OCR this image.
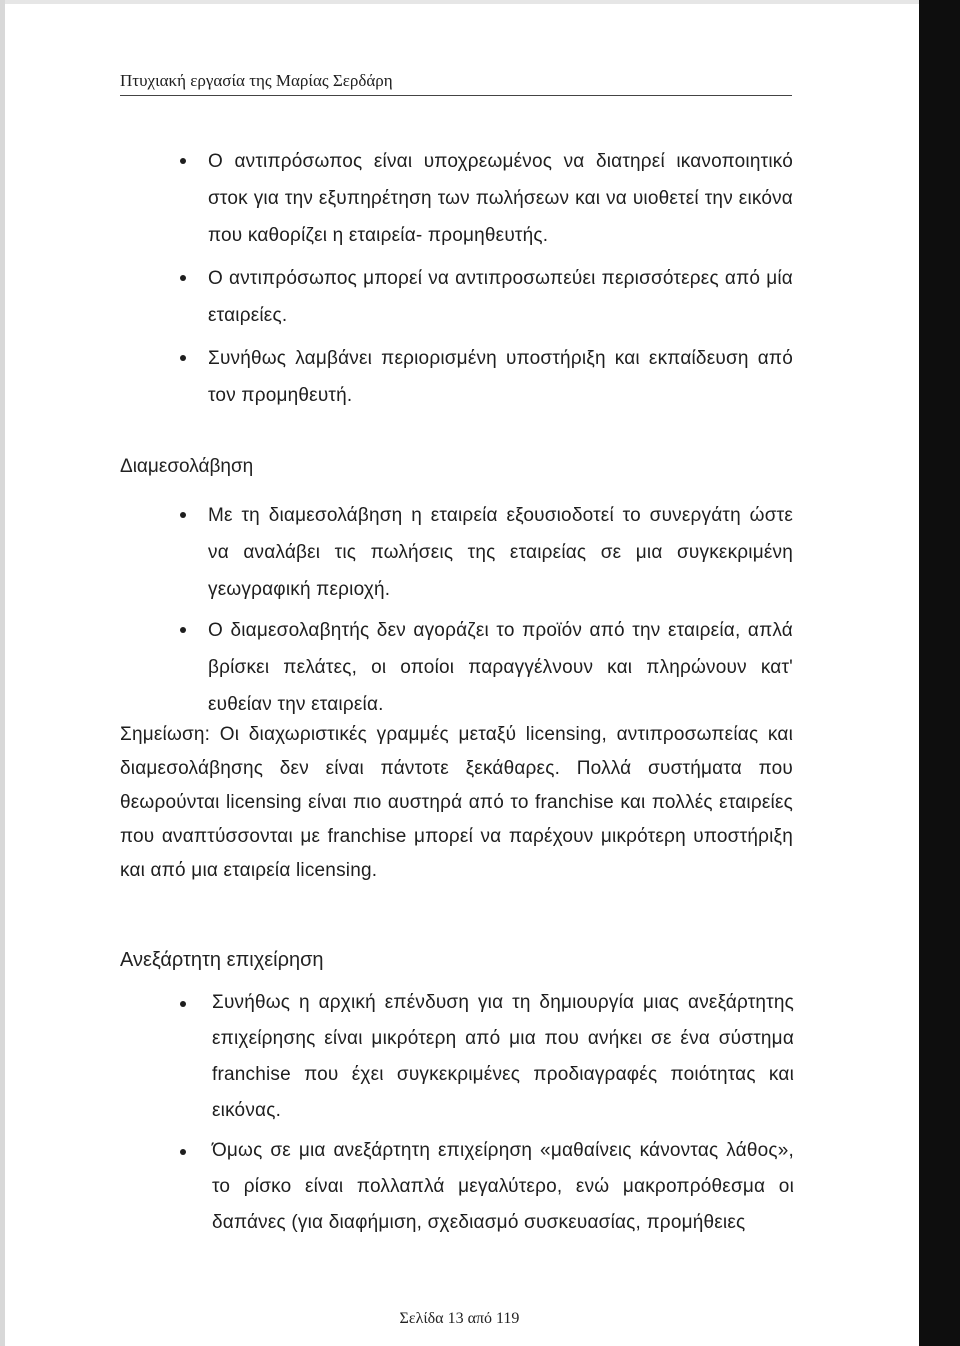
Πτυχιακή εργασία της Μαρίας Σερδάρη
Ο αντιπρόσωπος είναι υποχρεωμένος να διατηρεί ικανοποιητικό στοκ για την εξυπηρέτηση των πωλήσεων και να υιοθετεί την εικόνα που καθορίζει η εταιρεία- προμηθευτής.
Ο αντιπρόσωπος μπορεί να αντιπροσωπεύει περισσότερες από μία εταιρείες.
Συνήθως λαμβάνει περιορισμένη υποστήριξη και εκπαίδευση από τον προμηθευτή.
Διαμεσολάβηση
Με τη διαμεσολάβηση η εταιρεία εξουσιοδοτεί το συνεργάτη ώστε να αναλάβει τις πωλήσεις της εταιρείας σε μια συγκεκριμένη γεωγραφική περιοχή.
Ο διαμεσολαβητής δεν αγοράζει το προϊόν από την εταιρεία, απλά βρίσκει πελάτες, οι οποίοι παραγγέλνουν και πληρώνουν κατ' ευθείαν την εταιρεία.
Σημείωση: Οι διαχωριστικές γραμμές μεταξύ licensing, αντιπροσωπείας και διαμεσολάβησης δεν είναι πάντοτε ξεκάθαρες. Πολλά συστήματα που θεωρούνται licensing είναι πιο αυστηρά από το franchise και πολλές εταιρείες που αναπτύσσονται με franchise μπορεί να παρέχουν μικρότερη υποστήριξη και από μια εταιρεία licensing.
Ανεξάρτητη επιχείρηση
Συνήθως η αρχική επένδυση για τη δημιουργία μιας ανεξάρτητης επιχείρησης είναι μικρότερη από μια που ανήκει σε ένα σύστημα franchise που έχει συγκεκριμένες προδιαγραφές ποιότητας και εικόνας.
Όμως σε μια ανεξάρτητη επιχείρηση «μαθαίνεις κάνοντας λάθος», το ρίσκο είναι πολλαπλά μεγαλύτερο, ενώ μακροπρόθεσμα οι δαπάνες (για διαφήμιση, σχεδιασμό συσκευασίας, προμήθειες
Σελίδα 13 από 119
